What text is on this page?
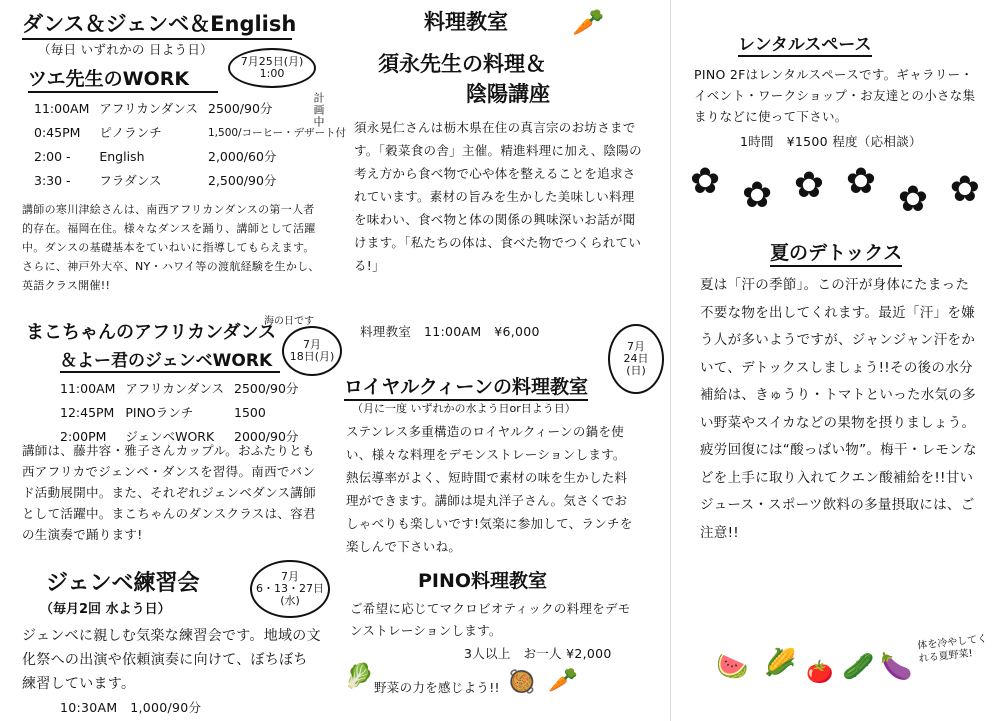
ダンス＆ジェンベ＆English
（毎日 いずれかの 日よう日）
ツエ先生のWORK
7月25日(月)
1:00
計画中
11:00AM	アフリカンダンス	2500/90分
0:45PM	ピノランチ	1,500/コーヒー・デザート付
2:00 -	English	2,000/60分
3:30 -	フラダンス	2,500/90分
講師の寒川津絵さんは、南西アフリカンダンスの第一人者的存在。福岡在住。様々なダンスを踊り、講師として活躍中。ダンスの基礎基本をていねいに指導してもらえます。さらに、神戸外大卒、NY・ハワイ等の渡航経験を生かし、英語クラス開催!!
まこちゃんのアフリカンダンス
＆よー君のジェンベWORK
海の日です
7月
18日(月)
11:00AM	アフリカンダンス	2500/90分
12:45PM	PINOランチ	1500
2:00PM	ジェンベWORK	2000/90分
講師は、藤井容・雅子さんカップル。おふたりとも西アフリカでジェンベ・ダンスを習得。南西でバンド活動展開中。また、それぞれジェンベダンス講師として活躍中。まこちゃんのダンスクラスは、容君の生演奏で踊ります!
ジェンベ練習会
（毎月2回 水よう日）
7月
6・13・27日
(水)
ジェンベに親しむ気楽な練習会です。地域の文化祭への出演や依頼演奏に向けて、ぼちぼち練習しています。
10:30AM　1,000/90分
料理教室 🥕
須永先生の料理＆
陰陽講座
須永晃仁さんは栃木県在住の真言宗のお坊さまです。「穀菜食の舎」主催。精進料理に加え、陰陽の考え方から食べ物で心や体を整えることを追求されています。素材の旨みを生かした美味しい料理を味わい、食べ物と体の関係の興味深いお話が聞けます。「私たちの体は、食べた物でつくられている!」
料理教室　11:00AM　¥6,000
7月
24日
(日)
ロイヤルクィーンの料理教室
（月に一度 いずれかの水よう日or日よう日）
ステンレス多重構造のロイヤルクィーンの鍋を使い、様々な料理をデモンストレーションします。熱伝導率がよく、短時間で素材の味を生かした料理ができます。講師は堤丸洋子さん。気さくでおしゃべりも楽しいです!気楽に参加して、ランチを楽しんで下さいね。
PINO料理教室
ご希望に応じてマクロビオティックの料理をデモンストレーションします。
3人以上　お一人 ¥2,000
🥬 野菜の力を感じよう!! 🥘 🥕
レンタルスペース
PINO 2Fはレンタルスペースです。ギャラリー・イベント・ワークショップ・お友達との小さな集まりなどに使って下さい。
1時間　¥1500 程度（応相談）
✿ ✿ ✿ ✿ ✿ ✿
夏のデトックス
夏は「汗の季節」。この汗が身体にたまった不要な物を出してくれます。最近「汗」を嫌う人が多いようですが、ジャンジャン汗をかいて、デトックスしましょう!!その後の水分補給は、きゅうり・トマトといった水気の多い野菜やスイカなどの果物を摂りましょう。疲労回復には“酸っぱい物”。梅干・レモンなどを上手に取り入れてクエン酸補給を!!甘いジュース・スポーツ飲料の多量摂取には、ご注意!!
🍉 🌽 🍅 🥒 🍆
体を冷やしてくれる夏野菜!
